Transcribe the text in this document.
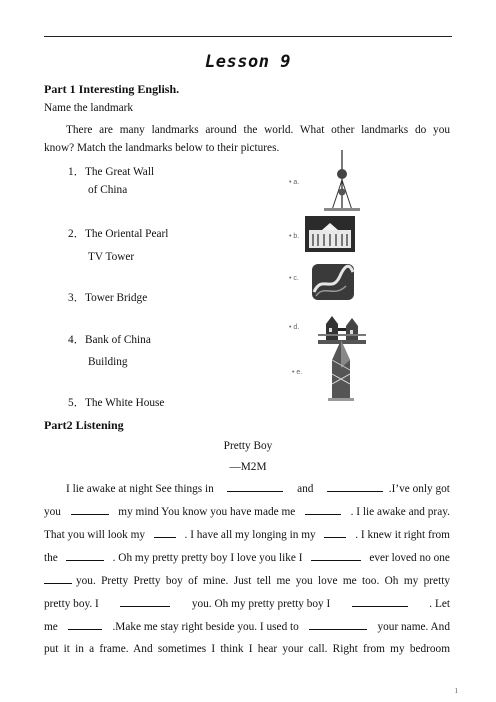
Lesson 9
Part 1 Interesting English.
Name the landmark
There are many landmarks around the world. What other landmarks do you
know? Match the landmarks below to their pictures.
1．The Great Wall
of China
2．The Oriental Pearl
TV Tower
3．Tower Bridge
4．Bank of China
Building
5．The White House
• a.
• b.
• c.
• d.
• e.
Part2 Listening
Pretty Boy
—M2M
I lie awake at night See things in	and	.I’ve only got
you	my mind You know you have made me	. I lie awake and pray.
That you will look my	. I have all my longing in my	. I knew it right from
the	. Oh my pretty pretty boy I love you like I	ever loved no one
you. Pretty Pretty boy of mine. Just tell me you love me too. Oh my pretty
pretty boy. I	you. Oh my pretty pretty boy I	. Let
me	.Make me stay right beside you. I used to	your name. And
put it in a frame. And sometimes I think I hear your call. Right from my bedroom
1
